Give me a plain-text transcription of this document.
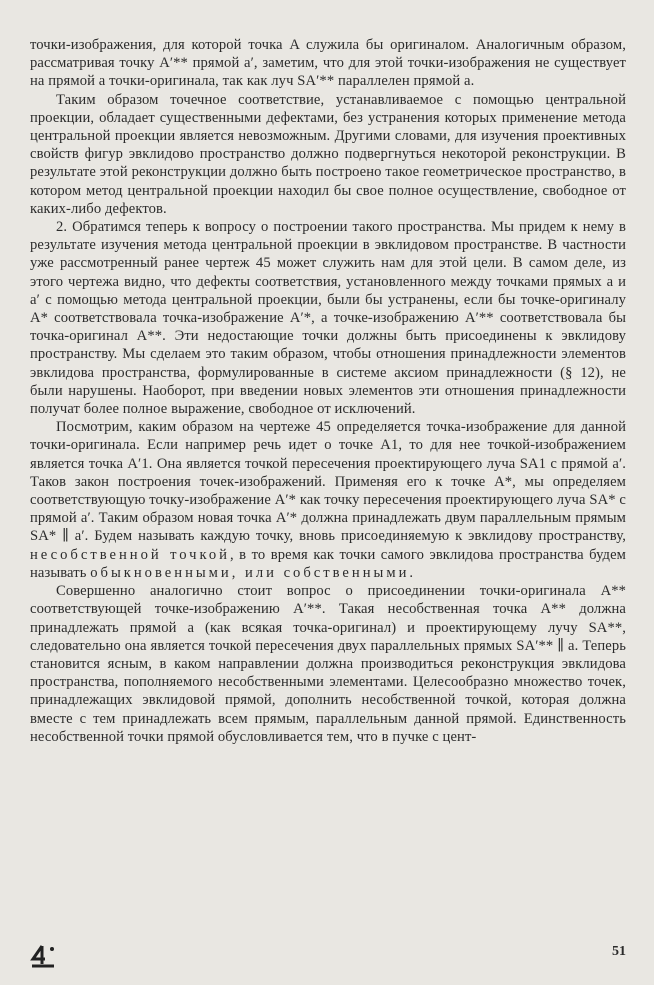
точки-изображения, для которой точка A служила бы оригиналом. Аналогичным образом, рассматривая точку A′** прямой a′, заметим, что для этой точки-изображения не существует на прямой a точки-оригинала, так как луч SA′** параллелен прямой a.

Таким образом точечное соответствие, устанавливаемое с помощью центральной проекции, обладает существенными дефектами, без устранения которых применение метода центральной проекции является невозможным. Другими словами, для изучения проективных свойств фигур эвклидово пространство должно подвергнуться некоторой реконструкции. В результате этой реконструкции должно быть построено такое геометрическое пространство, в котором метод центральной проекции находил бы свое полное осуществление, свободное от каких-либо дефектов.

2. Обратимся теперь к вопросу о построении такого пространства. Мы придем к нему в результате изучения метода центральной проекции в эвклидовом пространстве. В частности уже рассмотренный ранее чертеж 45 может служить нам для этой цели. В самом деле, из этого чертежа видно, что дефекты соответствия, установленного между точками прямых a и a′ с помощью метода центральной проекции, были бы устранены, если бы точке-оригиналу A* соответствовала точка-изображение A′*, а точке-изображению A′** соответствовала бы точка-оригинал A**. Эти недостающие точки должны быть присоединены к эвклидову пространству. Мы сделаем это таким образом, чтобы отношения принадлежности элементов эвклидова пространства, формулированные в системе аксиом принадлежности (§ 12), не были нарушены. Наоборот, при введении новых элементов эти отношения принадлежности получат более полное выражение, свободное от исключений.

Посмотрим, каким образом на чертеже 45 определяется точка-изображение для данной точки-оригинала. Если например речь идет о точке A1, то для нее точкой-изображением является точка A′1. Она является точкой пересечения проектирующего луча SA1 с прямой a′. Таков закон построения точек-изображений. Применяя его к точке A*, мы определяем соответствующую точку-изображение A′* как точку пересечения проектирующего луча SA* с прямой a′. Таким образом новая точка A′* должна принадлежать двум параллельным прямым SA* ∥ a′. Будем называть каждую точку, вновь присоединяемую к эвклидову пространству, несобственной точкой, в то время как точки самого эвклидова пространства будем называть обыкновенными, или собственными.

Совершенно аналогично стоит вопрос о присоединении точки-оригинала A** соответствующей точке-изображению A′**. Такая несобственная точка A** должна принадлежать прямой a (как всякая точка-оригинал) и проектирующему лучу SA**, следовательно она является точкой пересечения двух параллельных прямых SA′** ∥ a. Теперь становится ясным, в каком направлении должна производиться реконструкция эвклидова пространства, пополняемого несобственными элементами. Целесообразно множество точек, принадлежащих эвклидовой прямой, дополнить несобственной точкой, которая должна вместе с тем принадлежать всем прямым, параллельным данной прямой. Единственность несобственной точки прямой обусловливается тем, что в пучке с цент-

51
